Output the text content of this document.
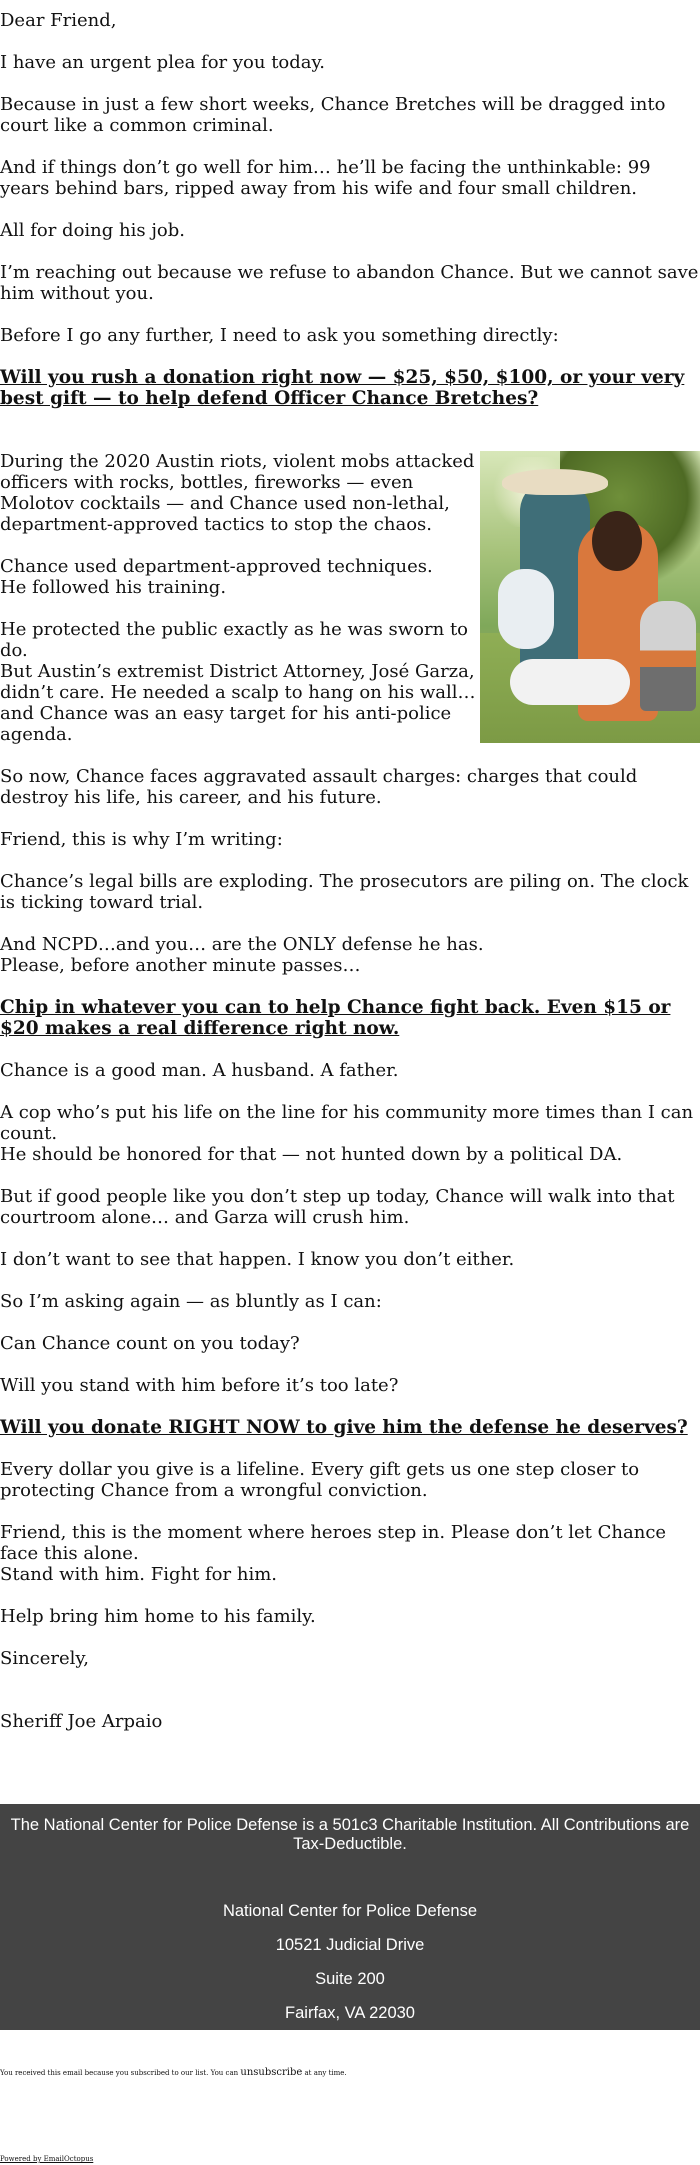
Dear Friend,

I have an urgent plea for you today.

Because in just a few short weeks, Chance Bretches will be dragged into court like a common criminal.

And if things don’t go well for him… he’ll be facing the unthinkable: 99 years behind bars, ripped away from his wife and four small children.

All for doing his job.

I’m reaching out because we refuse to abandon Chance. But we cannot save him without you.

Before I go any further, I need to ask you something directly:

Will you rush a donation right now — $25, $50, $100, or your very best gift — to help defend Officer Chance Bretches?

During the 2020 Austin riots, violent mobs attacked officers with rocks, bottles, fireworks — even Molotov cocktails — and Chance used non-lethal, department-approved tactics to stop the chaos.

Chance used department-approved techniques.
He followed his training.

He protected the public exactly as he was sworn to do.
But Austin’s extremist District Attorney, José Garza, didn’t care. He needed a scalp to hang on his wall… and Chance was an easy target for his anti-police agenda.

So now, Chance faces aggravated assault charges: charges that could destroy his life, his career, and his future.

Friend, this is why I’m writing:

Chance’s legal bills are exploding. The prosecutors are piling on. The clock is ticking toward trial.

And NCPD…and you… are the ONLY defense he has.
Please, before another minute passes…

Chip in whatever you can to help Chance fight back. Even $15 or $20 makes a real difference right now.

Chance is a good man. A husband. A father.

A cop who’s put his life on the line for his community more times than I can count.
He should be honored for that — not hunted down by a political DA.

But if good people like you don’t step up today, Chance will walk into that courtroom alone… and Garza will crush him.

I don’t want to see that happen. I know you don’t either.

So I’m asking again — as bluntly as I can:

Can Chance count on you today?

Will you stand with him before it’s too late?

Will you donate RIGHT NOW to give him the defense he deserves?

Every dollar you give is a lifeline. Every gift gets us one step closer to protecting Chance from a wrongful conviction.

Friend, this is the moment where heroes step in. Please don’t let Chance face this alone.
Stand with him. Fight for him.

Help bring him home to his family.

Sincerely,

Sheriff Joe Arpaio

The National Center for Police Defense is a 501c3 Charitable Institution. All Contributions are Tax-Deductible.
National Center for Police Defense
10521 Judicial Drive
Suite 200
Fairfax, VA 22030
You received this email because you subscribed to our list. You can unsubscribe at any time.
Powered by EmailOctopus
